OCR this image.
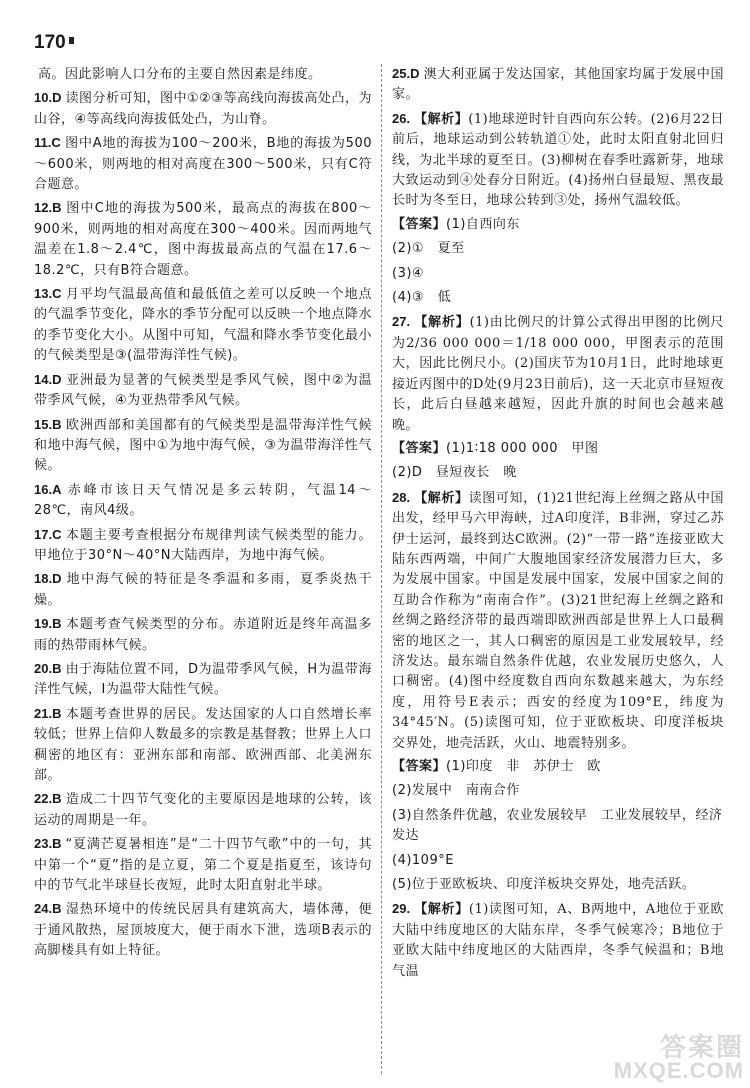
170

高。因此影响人口分布的主要自然因素是纬度。

10.D 读图分析可知，图中①②③等高线向海拔高处凸，为山谷，④等高线向海拔低处凸，为山脊。

11.C 图中A地的海拔为100～200米，B地的海拔为500～600米，则两地的相对高度在300～500米，只有C符合题意。

12.B 图中C地的海拔为500米，最高点的海拔在800～900米，则两地的相对高度在300～400米。因而两地气温差在1.8～2.4℃，图中海拔最高点的气温在17.6～18.2℃，只有B符合题意。

13.C 月平均气温最高值和最低值之差可以反映一个地点的气温季节变化，降水的季节分配可以反映一个地点降水的季节变化大小。从图中可知，气温和降水季节变化最小的气候类型是③(温带海洋性气候)。

14.D 亚洲最为显著的气候类型是季风气候，图中②为温带季风气候，④为亚热带季风气候。

15.B 欧洲西部和美国都有的气候类型是温带海洋性气候和地中海气候，图中①为地中海气候，③为温带海洋性气候。

16.A 赤峰市该日天气情况是多云转阴，气温14～28℃，南风4级。

17.C 本题主要考查根据分布规律判读气候类型的能力。甲地位于30°N～40°N大陆西岸，为地中海气候。

18.D 地中海气候的特征是冬季温和多雨，夏季炎热干燥。

19.B 本题考查气候类型的分布。赤道附近是终年高温多雨的热带雨林气候。

20.B 由于海陆位置不同，D为温带季风气候，H为温带海洋性气候，I为温带大陆性气候。

21.B 本题考查世界的居民。发达国家的人口自然增长率较低；世界上信仰人数最多的宗教是基督教；世界上人口稠密的地区有：亚洲东部和南部、欧洲西部、北美洲东部。

22.B 造成二十四节气变化的主要原因是地球的公转，该运动的周期是一年。

23.B “夏满芒夏暑相连”是“二十四节气歌”中的一句，其中第一个“夏”指的是立夏，第二个夏是指夏至，该诗句中的节气北半球昼长夜短，此时太阳直射北半球。

24.B 湿热环境中的传统民居具有建筑高大，墙体薄，便于通风散热，屋顶坡度大，便于雨水下泄，选项B表示的高脚楼具有如上特征。

25.D 澳大利亚属于发达国家，其他国家均属于发展中国家。

26. 【解析】(1)地球逆时针自西向东公转。(2)6月22日前后，地球运动到公转轨道①处，此时太阳直射北回归线，为北半球的夏至日。(3)柳树在春季吐露新芽，地球大致运动到④处春分日附近。(4)扬州白昼最短、黑夜最长时为冬至日，地球公转到③处，扬州气温较低。

【答案】(1)自西向东

(2)①　夏至

(3)④

(4)③　低

27. 【解析】(1)由比例尺的计算公式得出甲图的比例尺为2/36 000 000＝1/18 000 000，甲图表示的范围大，因此比例尺小。(2)国庆节为10月1日，此时地球更接近丙图中的D处(9月23日前后)，这一天北京市昼短夜长，此后白昼越来越短，因此升旗的时间也会越来越晚。

【答案】(1)1∶18 000 000　甲图

(2)D　昼短夜长　晚

28. 【解析】读图可知，(1)21世纪海上丝绸之路从中国出发，经甲马六甲海峡，过A印度洋，B非洲，穿过乙苏伊士运河，最终到达C欧洲。(2)“一带一路”连接亚欧大陆东西两端，中间广大腹地国家经济发展潜力巨大，多为发展中国家。中国是发展中国家，发展中国家之间的互助合作称为“南南合作”。(3)21世纪海上丝绸之路和丝绸之路经济带的最西端即欧洲西部是世界上人口最稠密的地区之一，其人口稠密的原因是工业发展较早，经济发达。最东端自然条件优越，农业发展历史悠久，人口稠密。(4)图中经度数自西向东数越来越大，为东经度，用符号E表示；西安的经度为109°E，纬度为34°45′N。(5)读图可知，位于亚欧板块、印度洋板块交界处，地壳活跃，火山、地震特别多。

【答案】(1)印度　非　苏伊士　欧

(2)发展中　南南合作

(3)自然条件优越，农业发展较早　工业发展较早，经济发达

(4)109°E

(5)位于亚欧板块、印度洋板块交界处，地壳活跃。

29. 【解析】(1)读图可知，A、B两地中，A地位于亚欧大陆中纬度地区的大陆东岸，冬季气候寒冷；B地位于亚欧大陆中纬度地区的大陆西岸，冬季气候温和；B地气温

答案圈
MXQE.COM
